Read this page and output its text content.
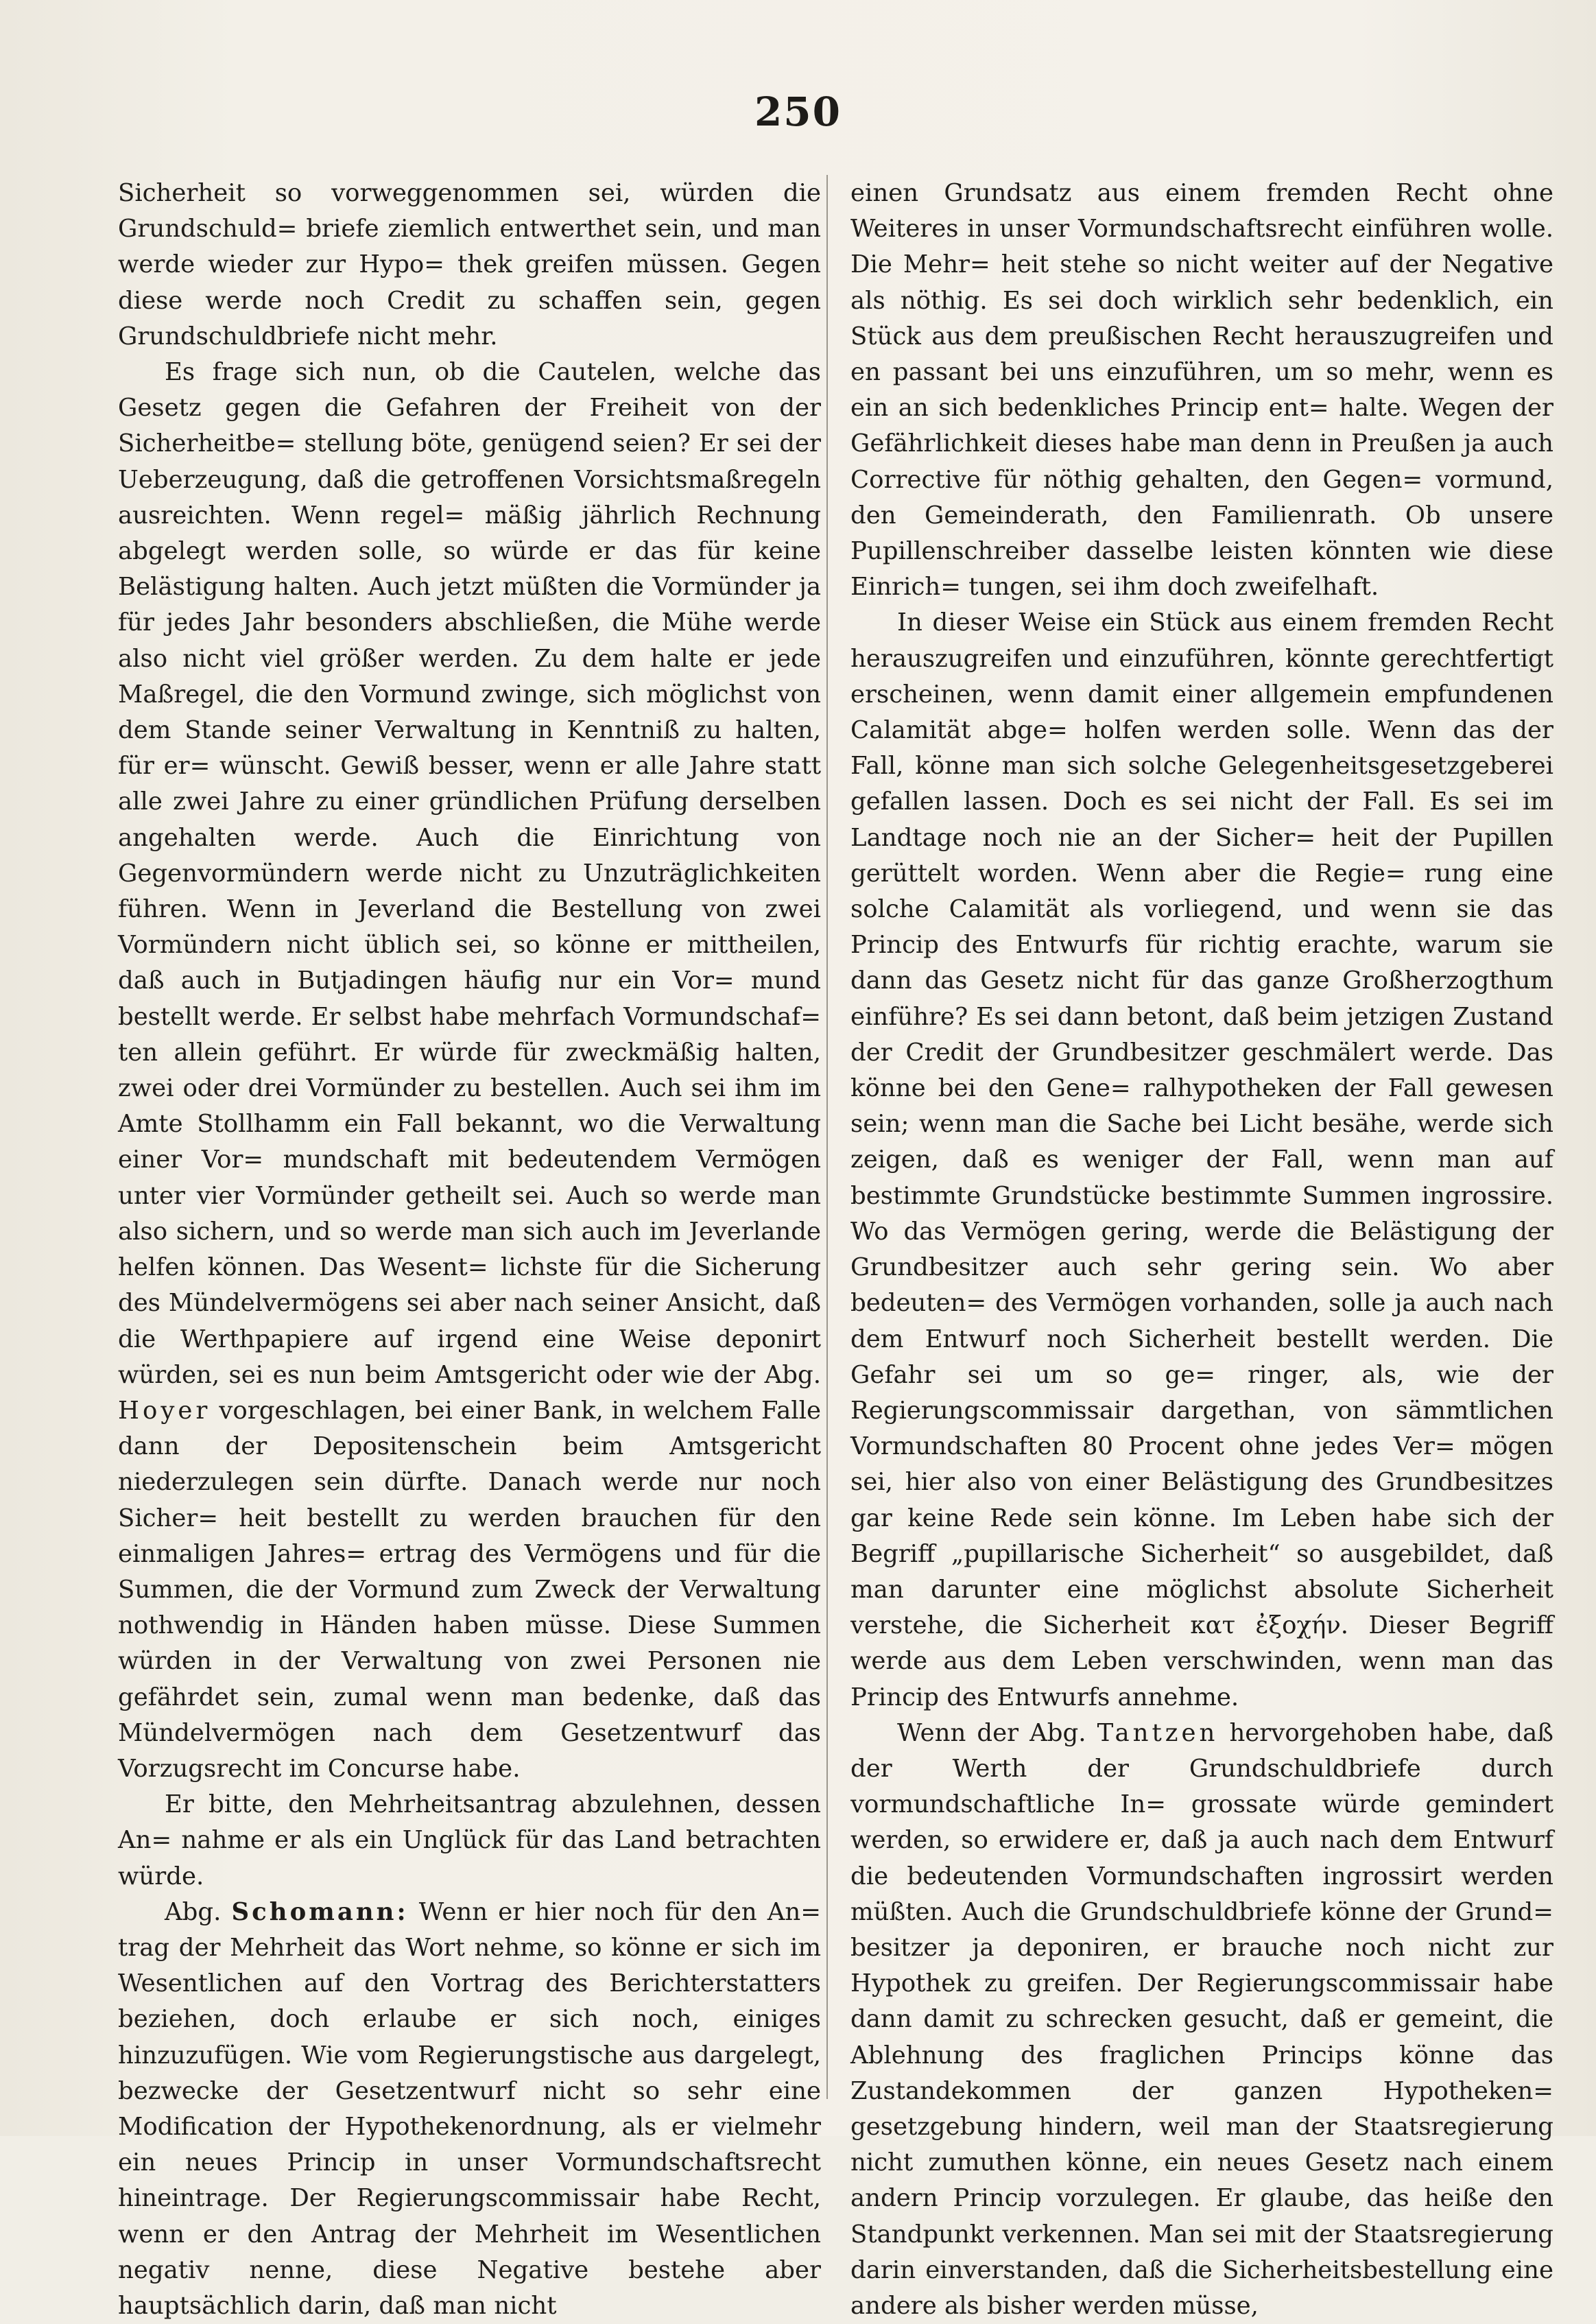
250

Sicherheit so vorweggenommen sei, würden die Grundschuld= briefe ziemlich entwerthet sein, und man werde wieder zur Hypo= thek greifen müssen. Gegen diese werde noch Credit zu schaffen sein, gegen Grundschuldbriefe nicht mehr.

Es frage sich nun, ob die Cautelen, welche das Gesetz gegen die Gefahren der Freiheit von der Sicherheitbe= stellung böte, genügend seien? Er sei der Ueberzeugung, daß die getroffenen Vorsichtsmaßregeln ausreichten. Wenn regel= mäßig jährlich Rechnung abgelegt werden solle, so würde er das für keine Belästigung halten. Auch jetzt müßten die Vormünder ja für jedes Jahr besonders abschließen, die Mühe werde also nicht viel größer werden. Zu dem halte er jede Maßregel, die den Vormund zwinge, sich möglichst von dem Stande seiner Verwaltung in Kenntniß zu halten, für er= wünscht. Gewiß besser, wenn er alle Jahre statt alle zwei Jahre zu einer gründlichen Prüfung derselben angehalten werde. Auch die Einrichtung von Gegenvormündern werde nicht zu Unzuträglichkeiten führen. Wenn in Jeverland die Bestellung von zwei Vormündern nicht üblich sei, so könne er mittheilen, daß auch in Butjadingen häufig nur ein Vor= mund bestellt werde. Er selbst habe mehrfach Vormundschaf= ten allein geführt. Er würde für zweckmäßig halten, zwei oder drei Vormünder zu bestellen. Auch sei ihm im Amte Stollhamm ein Fall bekannt, wo die Verwaltung einer Vor= mundschaft mit bedeutendem Vermögen unter vier Vormünder getheilt sei. Auch so werde man also sichern, und so werde man sich auch im Jeverlande helfen können. Das Wesent= lichste für die Sicherung des Mündelvermögens sei aber nach seiner Ansicht, daß die Werthpapiere auf irgend eine Weise deponirt würden, sei es nun beim Amtsgericht oder wie der Abg. Hoyer vorgeschlagen, bei einer Bank, in welchem Falle dann der Depositenschein beim Amtsgericht niederzulegen sein dürfte. Danach werde nur noch Sicher= heit bestellt zu werden brauchen für den einmaligen Jahres= ertrag des Vermögens und für die Summen, die der Vormund zum Zweck der Verwaltung nothwendig in Händen haben müsse. Diese Summen würden in der Verwaltung von zwei Personen nie gefährdet sein, zumal wenn man bedenke, daß das Mündelvermögen nach dem Gesetzentwurf das Vorzugsrecht im Concurse habe.

Er bitte, den Mehrheitsantrag abzulehnen, dessen An= nahme er als ein Unglück für das Land betrachten würde.

Abg. Schomann: Wenn er hier noch für den An= trag der Mehrheit das Wort nehme, so könne er sich im Wesentlichen auf den Vortrag des Berichterstatters beziehen, doch erlaube er sich noch, einiges hinzuzufügen. Wie vom Regierungstische aus dargelegt, bezwecke der Gesetzentwurf nicht so sehr eine Modification der Hypothekenordnung, als er vielmehr ein neues Princip in unser Vormundschaftsrecht hineintrage. Der Regierungscommissair habe Recht, wenn er den Antrag der Mehrheit im Wesentlichen negativ nenne, diese Negative bestehe aber hauptsächlich darin, daß man nicht

einen Grundsatz aus einem fremden Recht ohne Weiteres in unser Vormundschaftsrecht einführen wolle. Die Mehr= heit stehe so nicht weiter auf der Negative als nöthig. Es sei doch wirklich sehr bedenklich, ein Stück aus dem preußischen Recht herauszugreifen und en passant bei uns einzuführen, um so mehr, wenn es ein an sich bedenkliches Princip ent= halte. Wegen der Gefährlichkeit dieses habe man denn in Preußen ja auch Corrective für nöthig gehalten, den Gegen= vormund, den Gemeinderath, den Familienrath. Ob unsere Pupillenschreiber dasselbe leisten könnten wie diese Einrich= tungen, sei ihm doch zweifelhaft.

In dieser Weise ein Stück aus einem fremden Recht herauszugreifen und einzuführen, könnte gerechtfertigt erscheinen, wenn damit einer allgemein empfundenen Calamität abge= holfen werden solle. Wenn das der Fall, könne man sich solche Gelegenheitsgesetzgeberei gefallen lassen. Doch es sei nicht der Fall. Es sei im Landtage noch nie an der Sicher= heit der Pupillen gerüttelt worden. Wenn aber die Regie= rung eine solche Calamität als vorliegend, und wenn sie das Princip des Entwurfs für richtig erachte, warum sie dann das Gesetz nicht für das ganze Großherzogthum einführe? Es sei dann betont, daß beim jetzigen Zustand der Credit der Grundbesitzer geschmälert werde. Das könne bei den Gene= ralhypotheken der Fall gewesen sein; wenn man die Sache bei Licht besähe, werde sich zeigen, daß es weniger der Fall, wenn man auf bestimmte Grundstücke bestimmte Summen ingrossire. Wo das Vermögen gering, werde die Belästigung der Grundbesitzer auch sehr gering sein. Wo aber bedeuten= des Vermögen vorhanden, solle ja auch nach dem Entwurf noch Sicherheit bestellt werden. Die Gefahr sei um so ge= ringer, als, wie der Regierungscommissair dargethan, von sämmtlichen Vormundschaften 80 Procent ohne jedes Ver= mögen sei, hier also von einer Belästigung des Grundbesitzes gar keine Rede sein könne. Im Leben habe sich der Begriff „pupillarische Sicherheit“ so ausgebildet, daß man darunter eine möglichst absolute Sicherheit verstehe, die Sicherheit κατ ἐξοχήν. Dieser Begriff werde aus dem Leben verschwinden, wenn man das Princip des Entwurfs annehme.

Wenn der Abg. Tantzen hervorgehoben habe, daß der Werth der Grundschuldbriefe durch vormundschaftliche In= grossate würde gemindert werden, so erwidere er, daß ja auch nach dem Entwurf die bedeutenden Vormundschaften ingrossirt werden müßten. Auch die Grundschuldbriefe könne der Grund= besitzer ja deponiren, er brauche noch nicht zur Hypothek zu greifen. Der Regierungscommissair habe dann damit zu schrecken gesucht, daß er gemeint, die Ablehnung des fraglichen Princips könne das Zustandekommen der ganzen Hypotheken= gesetzgebung hindern, weil man der Staatsregierung nicht zumuthen könne, ein neues Gesetz nach einem andern Princip vorzulegen. Er glaube, das heiße den Standpunkt verkennen. Man sei mit der Staatsregierung darin einverstanden, daß die Sicherheitsbestellung eine andere als bisher werden müsse,
